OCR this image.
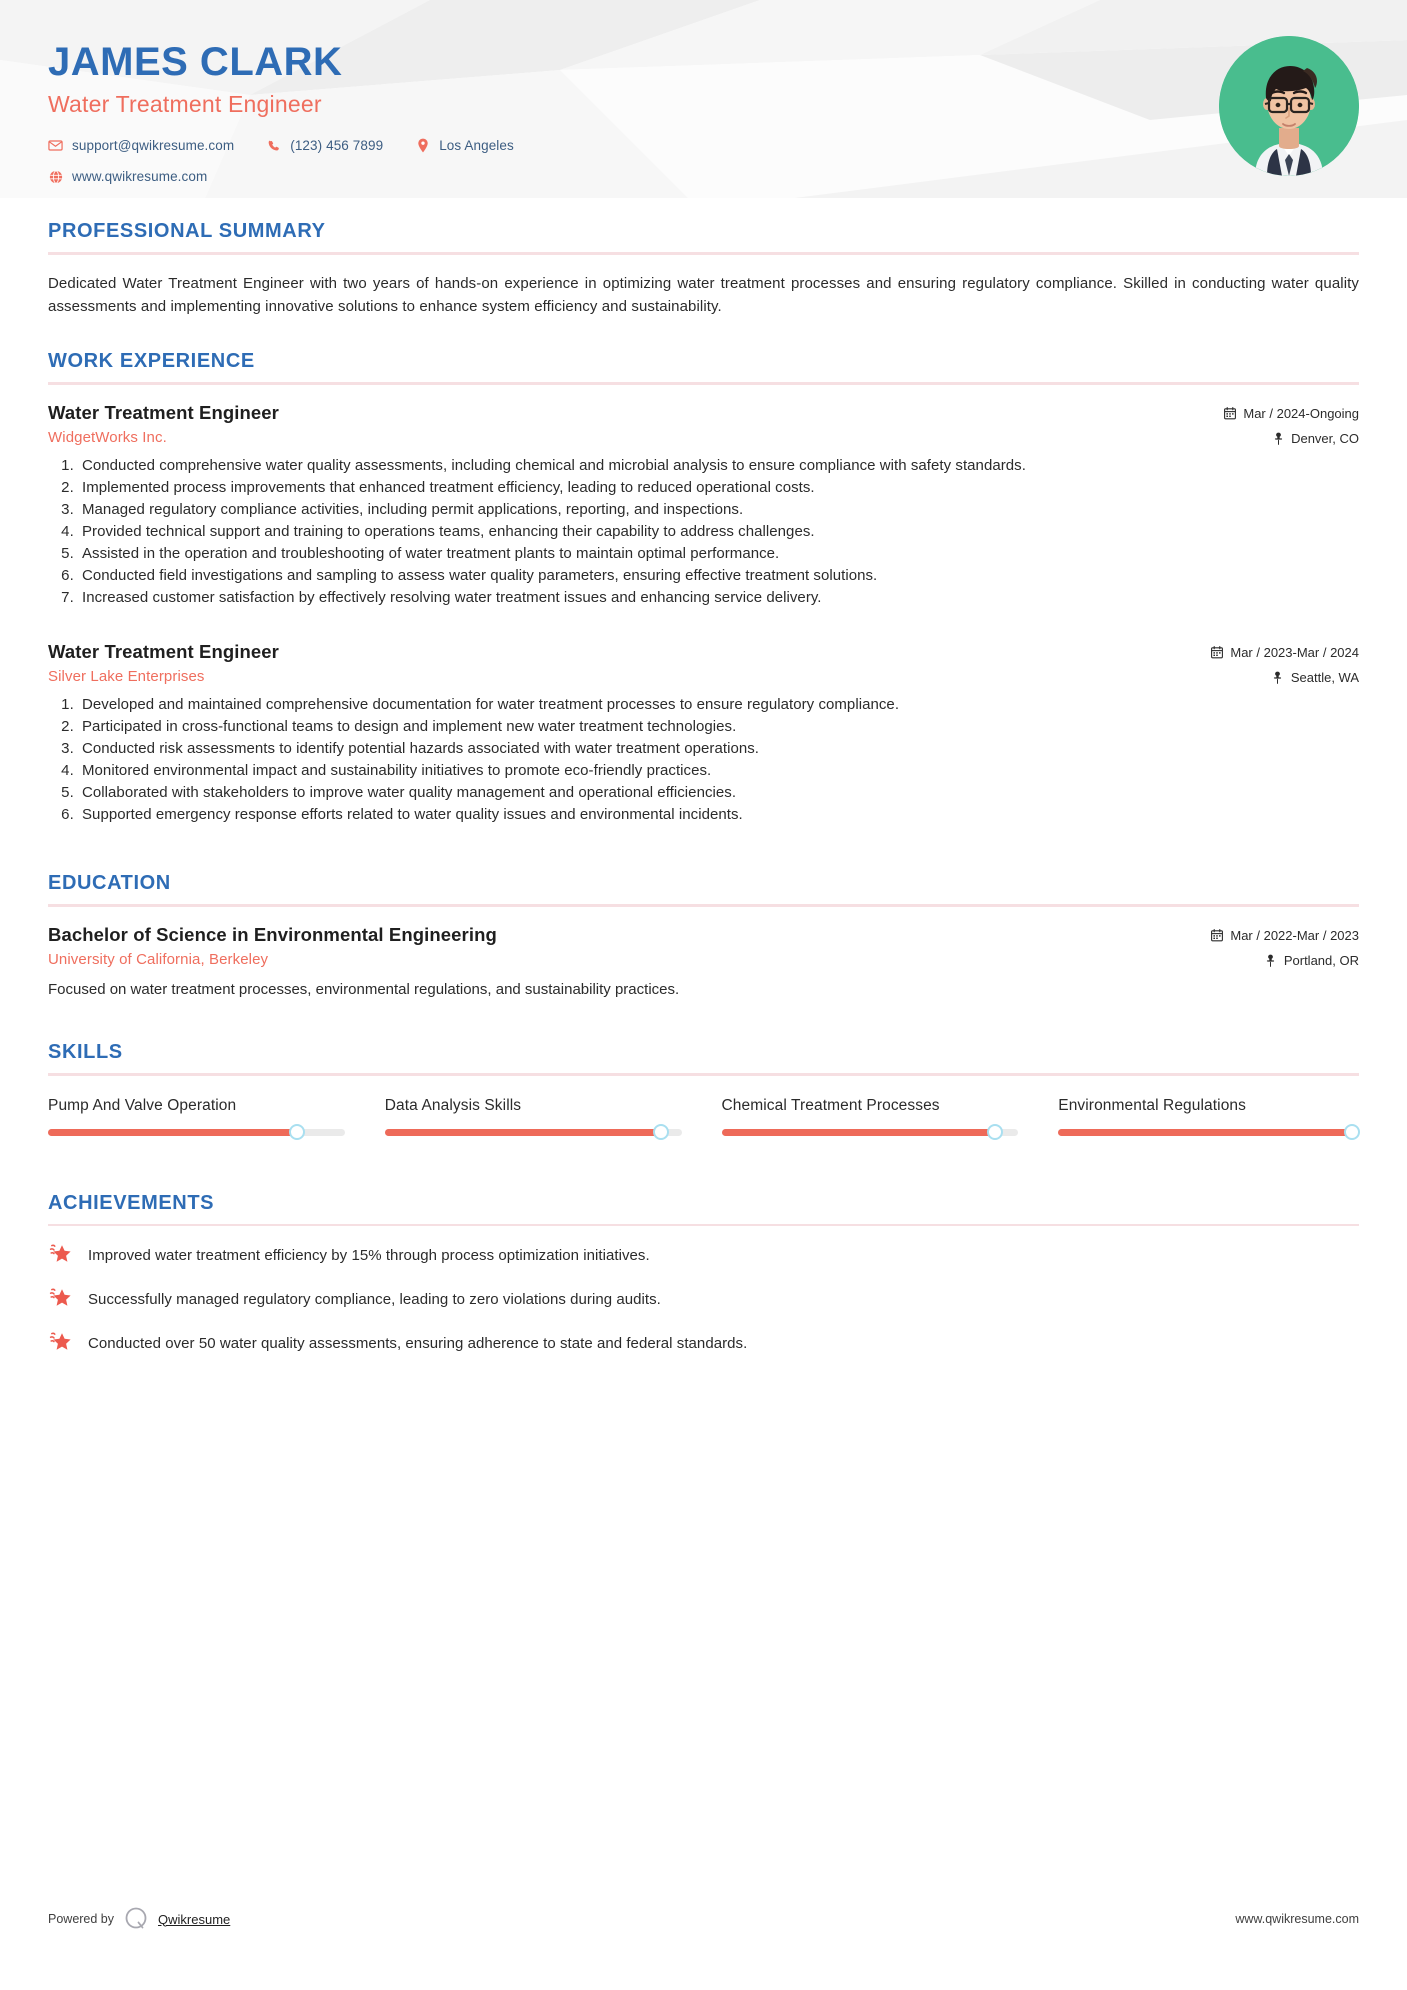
JAMES CLARK
Water Treatment Engineer
support@qwikresume.com	(123) 456 7899	Los Angeles
www.qwikresume.com
PROFESSIONAL SUMMARY
Dedicated Water Treatment Engineer with two years of hands-on experience in optimizing water treatment processes and ensuring regulatory compliance. Skilled in conducting water quality assessments and implementing innovative solutions to enhance system efficiency and sustainability.
WORK EXPERIENCE
Water Treatment Engineer
WidgetWorks Inc.
Mar / 2024-Ongoing
Denver, CO
1. Conducted comprehensive water quality assessments, including chemical and microbial analysis to ensure compliance with safety standards.
2. Implemented process improvements that enhanced treatment efficiency, leading to reduced operational costs.
3. Managed regulatory compliance activities, including permit applications, reporting, and inspections.
4. Provided technical support and training to operations teams, enhancing their capability to address challenges.
5. Assisted in the operation and troubleshooting of water treatment plants to maintain optimal performance.
6. Conducted field investigations and sampling to assess water quality parameters, ensuring effective treatment solutions.
7. Increased customer satisfaction by effectively resolving water treatment issues and enhancing service delivery.
Water Treatment Engineer
Silver Lake Enterprises
Mar / 2023-Mar / 2024
Seattle, WA
1. Developed and maintained comprehensive documentation for water treatment processes to ensure regulatory compliance.
2. Participated in cross-functional teams to design and implement new water treatment technologies.
3. Conducted risk assessments to identify potential hazards associated with water treatment operations.
4. Monitored environmental impact and sustainability initiatives to promote eco-friendly practices.
5. Collaborated with stakeholders to improve water quality management and operational efficiencies.
6. Supported emergency response efforts related to water quality issues and environmental incidents.
EDUCATION
Bachelor of Science in Environmental Engineering
University of California, Berkeley
Mar / 2022-Mar / 2023
Portland, OR
Focused on water treatment processes, environmental regulations, and sustainability practices.
SKILLS
Pump And Valve Operation	Data Analysis Skills	Chemical Treatment Processes	Environmental Regulations
ACHIEVEMENTS
Improved water treatment efficiency by 15% through process optimization initiatives.
Successfully managed regulatory compliance, leading to zero violations during audits.
Conducted over 50 water quality assessments, ensuring adherence to state and federal standards.
Powered by	Qwikresume	www.qwikresume.com
